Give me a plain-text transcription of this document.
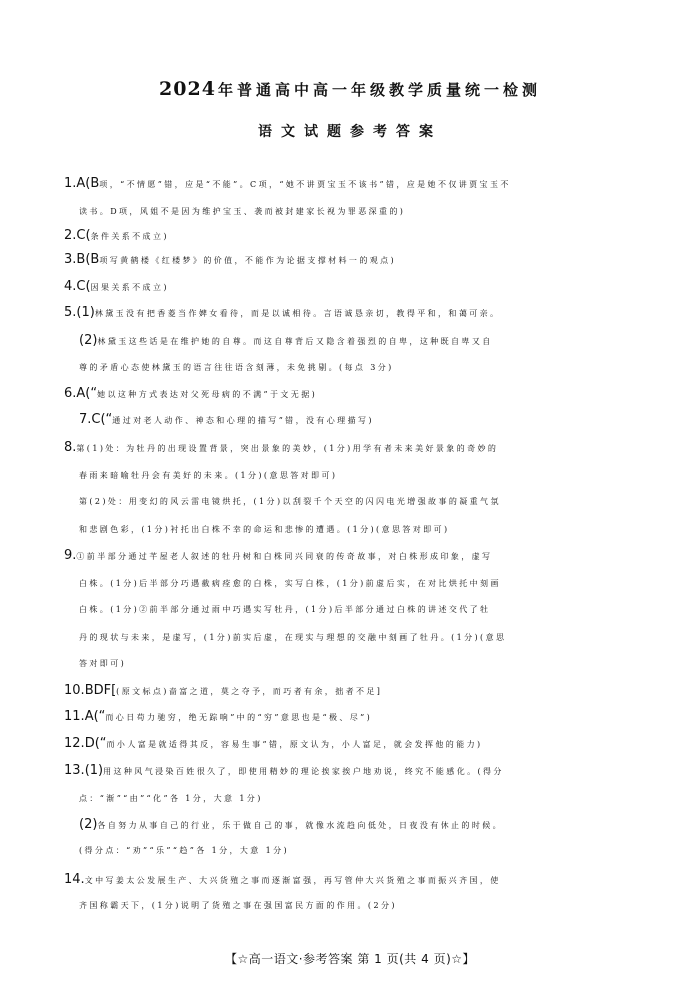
2024 年普通高中高一年级教学质量统一检测
语文试题参考答案
1.A(B项，“不情愿”错，应是“不能”。C项，“她不讲贾宝玉不该书”错，应是她不仅讲贾宝玉不
读书。D项，风姐不是因为维护宝玉、袭而被封建家长视为罪恶深重的)
2.C(条件关系不成立)
3.B(B项写黄鹤楼《红楼梦》的价值，不能作为论据支撑材料一的观点)
4.C(因果关系不成立)
5.(1)林黛玉没有把香菱当作婢女看待，而是以诚相待。言语诚恳亲切，教得平和，和蔼可亲。
(2)林黛玉这些话是在维护她的自尊。而这自尊背后又隐含着强烈的自卑，这种既自卑又自
尊的矛盾心态使林黛玉的语言往往语含刻薄，未免挑剔。(每点 3分)
6.A(“她以这种方式表达对父死母病的不满”于文无据)
7.C(“通过对老人动作、神态和心理的描写”错，没有心理描写)
8.第(1)处：为牡丹的出现设置背景，突出景象的美妙，(1分)用学有者未来美好景象的奇妙的
春雨来暗喻牡丹会有美好的未来。(1分)(意思答对即可)
第(2)处：用变幻的风云雷电镜烘托，(1分)以刮裂千个天空的闪闪电光增强故事的凝重气氛
和悲剧色彩，(1分)衬托出白株不幸的命运和悲惨的遭遇。(1分)(意思答对即可)
9.①前半部分通过芊屋老人叙述的牡丹树和白株同兴同衰的传奇故事，对白株形成印象，虚写
白株。(1分)后半部分巧遇截病痊愈的白株，实写白株，(1分)前虚后实，在对比烘托中刻画
白株。(1分)②前半部分通过雨中巧遇实写牡丹，(1分)后半部分通过白株的讲述交代了牡
丹的现状与未来，是虚写，(1分)前实后虚，在现实与理想的交融中刻画了牡丹。(1分)(意思
答对即可)
10.BDF[(原文标点)啬富之道，莫之夺予，而巧者有余，拙者不足]
11.A(“而心日苟力驰穷，绝无踪响”中的“穷”意思也是“极、尽”)
12.D(“而小人富是就适得其反，容易生事”错，原文认为，小人富足，就会发挥他的能力)
13.(1)用这种风气浸染百姓很久了，即使用精妙的理论挨家挨户地劝说，终究不能感化。(得分
点：“渐”“由”“化”各 1分，大意 1分)
(2)各自努力从事自己的行业，乐于做自己的事，就像水流趋向低处，日夜没有休止的时候。
(得分点：“劝”“乐”“趋”各 1分，大意 1分)
14.文中写姜太公发展生产、大兴货殖之事而逐渐富强，再写管仲大兴货殖之事而振兴齐国，使
齐国称霸天下，(1分)说明了货殖之事在强国富民方面的作用。(2分)
【☆高一语文·参考答案 第 1 页(共 4 页)☆】
